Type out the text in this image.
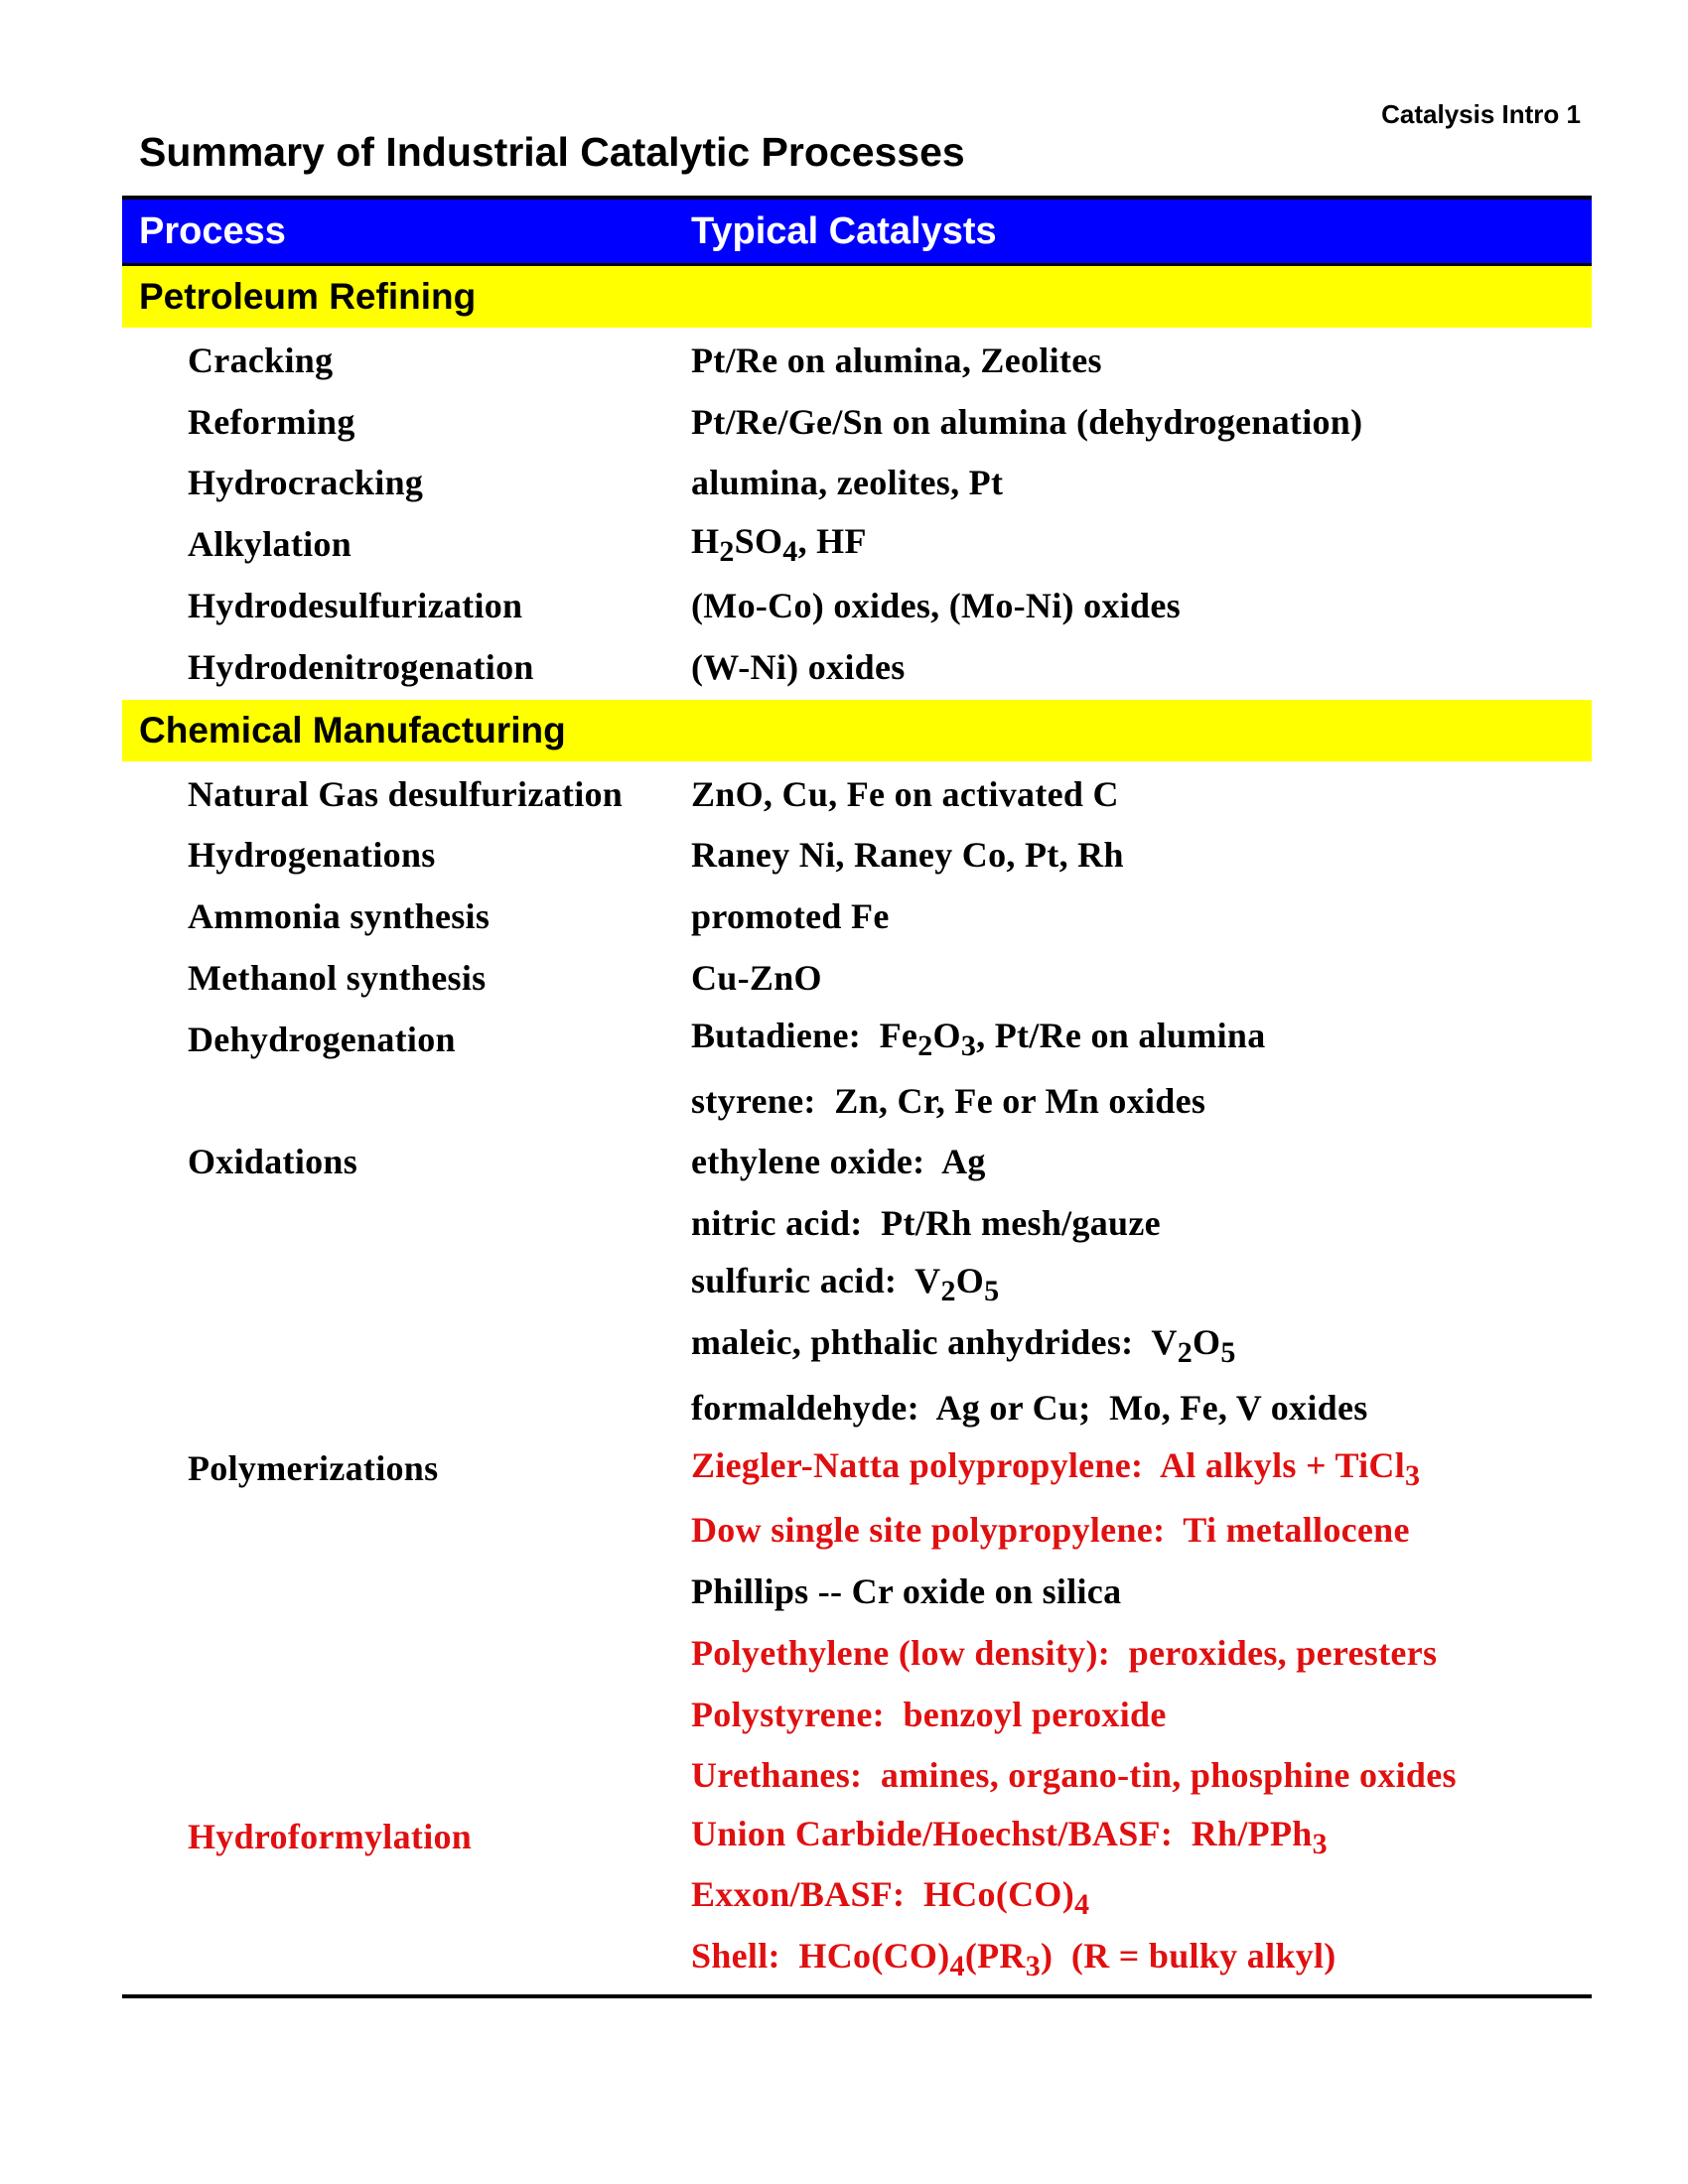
Catalysis Intro 1
Summary of Industrial Catalytic Processes
Process	Typical Catalysts
Petroleum Refining
Cracking	Pt/Re on alumina, Zeolites
Reforming	Pt/Re/Ge/Sn on alumina (dehydrogenation)
Hydrocracking	alumina, zeolites, Pt
Alkylation	$H_2SO_4$, HF
Hydrodesulfurization	(Mo-Co) oxides, (Mo-Ni) oxides
Hydrodenitrogenation	(W-Ni) oxides
Chemical Manufacturing
Natural Gas desulfurization	ZnO, Cu, Fe on activated C
Hydrogenations	Raney Ni, Raney Co, Pt, Rh
Ammonia synthesis	promoted Fe
Methanol synthesis	Cu-ZnO
Dehydrogenation	Butadiene:  $Fe_2O_3$, Pt/Re on alumina
styrene:  Zn, Cr, Fe or Mn oxides
Oxidations	ethylene oxide:  Ag
nitric acid:  Pt/Rh mesh/gauze
sulfuric acid:  $V_2O_5$
maleic, phthalic anhydrides:  $V_2O_5$
formaldehyde:  Ag or Cu;  Mo, Fe, V oxides
Polymerizations	Ziegler-Natta polypropylene:  Al alkyls + TiCl$_3$
Dow single site polypropylene:  Ti metallocene
Phillips -- Cr oxide on silica
Polyethylene (low density):  peroxides, peresters
Polystyrene:  benzoyl peroxide
Urethanes:  amines, organo-tin, phosphine oxides
Hydroformylation	Union Carbide/Hoechst/BASF:  Rh/PPh$_3$
Exxon/BASF:  $HCo(CO)_4$
Shell:  $HCo(CO)_4(PR_3) (R$ = bulky alkyl)
